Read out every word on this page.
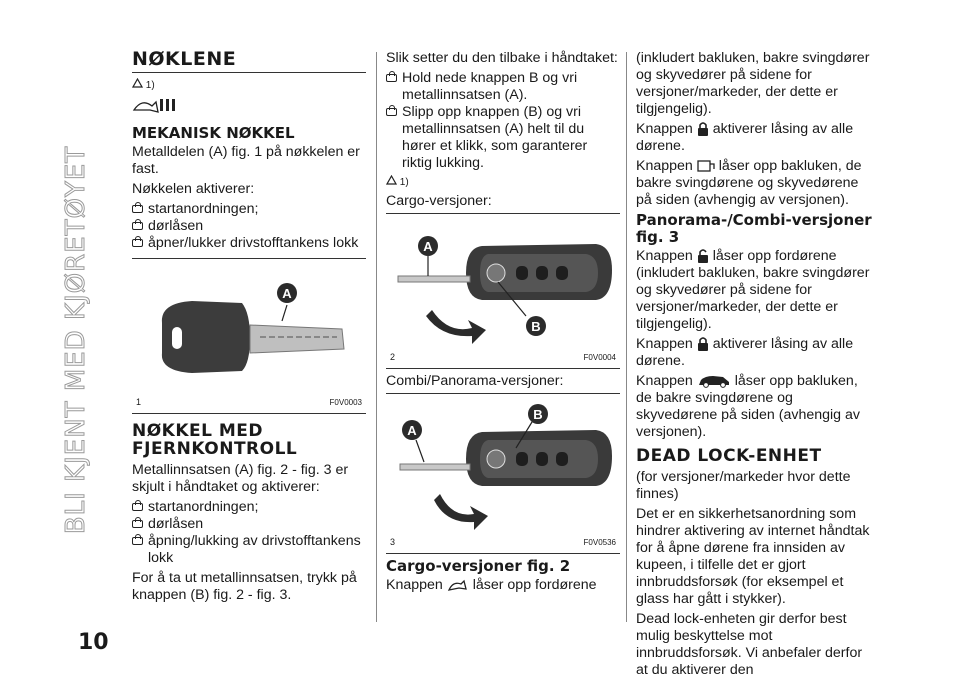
BLI KJENT MED KJØRETØYET
10
NØKLENE
1)
MEKANISK NØKKEL

Metalldelen (A) fig. 1 på nøkkelen er fast.

Nøkkelen aktiverer:

startanordningen;
dørlåsen
åpner/lukker drivstofftankens lokk
A
1	F0V0003
NØKKEL MED FJERNKONTROLL

Metallinnsatsen (A) fig. 2 - fig. 3 er skjult i håndtaket og aktiverer:

startanordningen;
dørlåsen
åpning/lukking av drivstofftankens lokk

For å ta ut metallinnsatsen, trykk på knappen (B) fig. 2 - fig. 3.

Slik setter du den tilbake i håndtaket:

Hold nede knappen B og vri metallinnsatsen (A).
Slipp opp knappen (B) og vri metallinnsatsen (A) helt til du hører et klikk, som garanterer riktig lukking.
1)

Cargo-versjoner:

A
B
2	F0V0004

Combi/Panorama-versjoner:

A
B
3	F0V0536
Cargo-versjoner fig. 2

Knappen låser opp fordørene

(inkludert bakluken, bakre svingdører og skyvedører på sidene for versjoner/markeder, der dette er tilgjengelig).

Knappen aktiverer låsing av alle dørene.

Knappen låser opp bakluken, de bakre svingdørene og skyvedørene på siden (avhengig av versjonen).

Panorama-/Combi-versjoner fig. 3

Knappen låser opp fordørene (inkludert bakluken, bakre svingdører og skyvedører på sidene for versjoner/markeder, der dette er tilgjengelig).

Knappen aktiverer låsing av alle dørene.

Knappen	låser opp bakluken, de bakre svingdørene og skyvedørene på siden (avhengig av versjonen).

DEAD LOCK-ENHET

(for versjoner/markeder hvor dette finnes)

Det er en sikkerhetsanordning som hindrer aktivering av internet håndtak for å åpne dørene fra innsiden av kupeen, i tilfelle det er gjort innbruddsforsøk (for eksempel et glass har gått i stykker).

Dead lock-enheten gir derfor best mulig beskyttelse mot innbruddsforsøk. Vi anbefaler derfor at du aktiverer den
